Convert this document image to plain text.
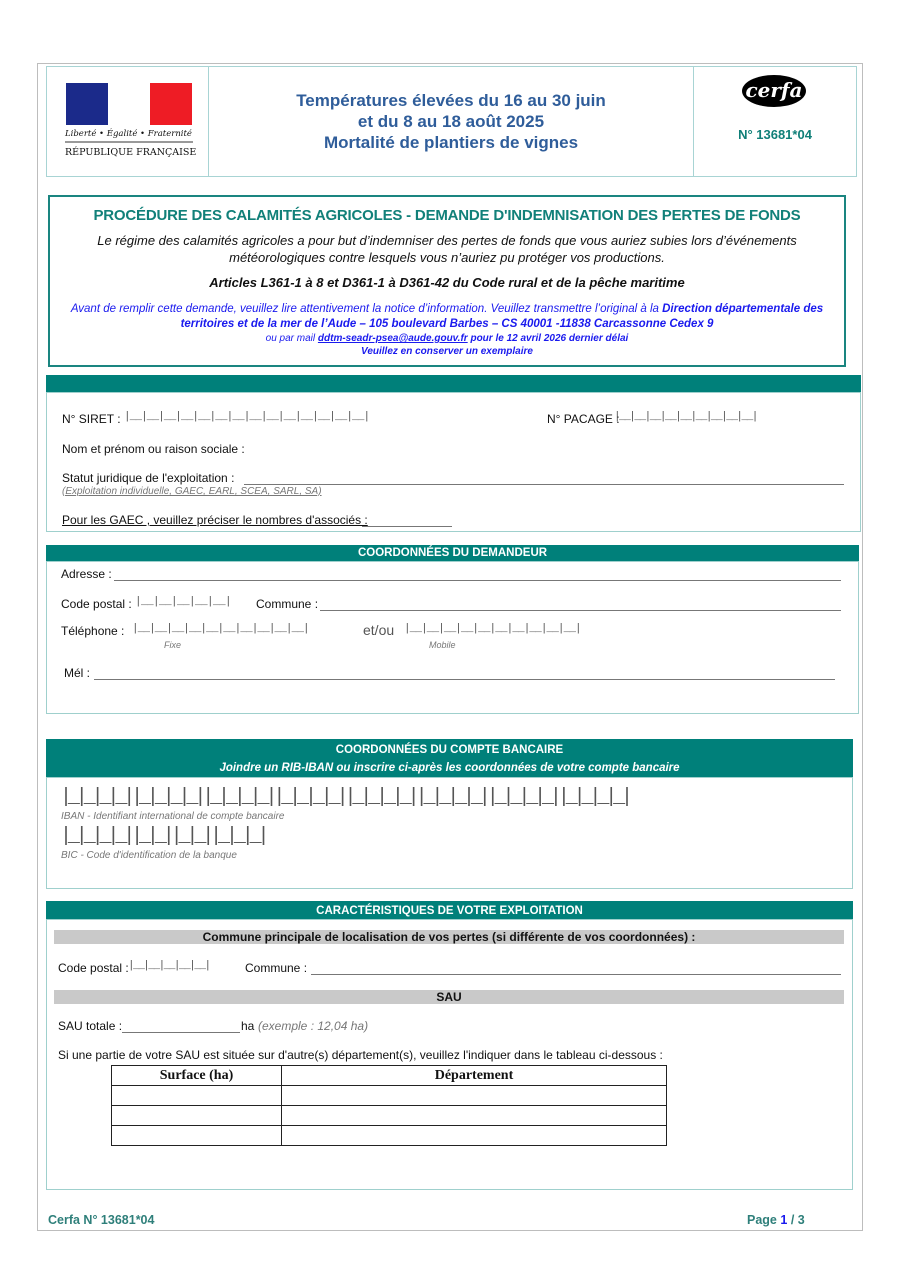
Liberté • Égalité • Fraternité
RÉPUBLIQUE FRANÇAISE
Températures élevées du 16 au 30 juin
et du 8 au 18 août 2025
Mortalité de plantiers de vignes
cerfa
N° 13681*04
PROCÉDURE DES CALAMITÉS AGRICOLES - DEMANDE D'INDEMNISATION DES PERTES DE FONDS
Le régime des calamités agricoles a pour but d’indemniser des pertes de fonds que vous auriez subies lors d’événements météorologiques contre lesquels vous n’auriez pu protéger vos productions.
Articles L361-1 à 8 et D361-1 à D361-42 du Code rural et de la pêche maritime
Avant de remplir cette demande, veuillez lire attentivement la notice d’information. Veuillez transmettre l’original à la Direction départementale des territoires et de la mer de l’Aude – 105 boulevard Barbes – CS 40001 -11838 Carcassonne Cedex 9
ou par mail ddtm-seadr-psea@aude.gouv.fr pour le 12 avril 2026 dernier délai
Veuillez en conserver un exemplaire
N° SIRET : |__|__|__|__|__|__|__|__|__|__|__|__|__|__|	N° PACAGE :
|__|__|__|__|__|__|__|__|__|
Nom et prénom ou raison sociale :
Statut juridique de l'exploitation :
(Exploitation individuelle, GAEC, EARL, SCEA, SARL, SA)
Pour les GAEC , veuillez préciser le nombres d'associés :
COORDONNÉES DU DEMANDEUR
Adresse :
Code postal : |__|__|__|__|__| Commune :
Téléphone : |__|__|__|__|__|__|__|__|__|__|	et/ou |__|__|__|__|__|__|__|__|__|__|
Fixe	Mobile
Mél :
COORDONNÉES DU COMPTE BANCAIRE
Joindre un RIB-IBAN ou inscrire ci-après les coordonnées de votre compte bancaire
|_|_|_|_||_|_|_|_||_|_|_|_||_|_|_|_||_|_|_|_||_|_|_|_||_|_|_|_||_|_|_|_|
IBAN - Identifiant international de compte bancaire
|_|_|_|_||_|_||_|_||_|_|_|
BIC - Code d'identification de la banque
CARACTÉRISTIQUES DE VOTRE EXPLOITATION
Commune principale de localisation de vos pertes (si différente de vos coordonnées) :
Code postal : |__|__|__|__|__|	Commune :
SAU
SAU totale :	ha (exemple : 12,04 ha)
Si une partie de votre SAU est située sur d'autre(s) département(s), veuillez l'indiquer dans le tableau ci-dessous :
Surface (ha)	Département

Cerfa N° 13681*04	Page 1 / 3
